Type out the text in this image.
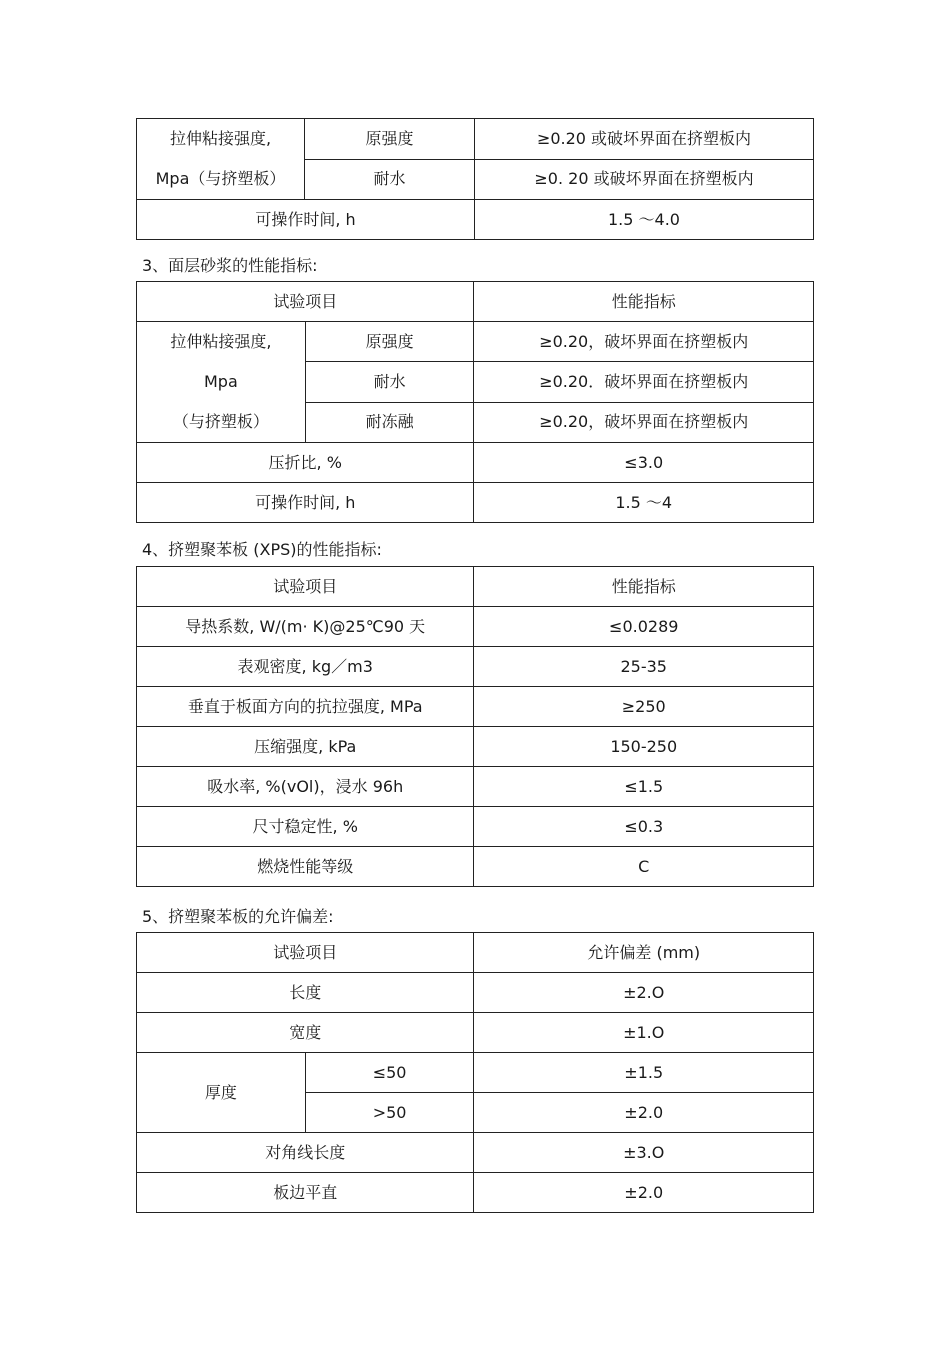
拉伸粘接强度,
Mpa（与挤塑板）	原强度	≥0.20 或破坏界面在挤塑板内
	耐水	≥0. 20 或破坏界面在挤塑板内
可操作时间, h		1.5 ～4.0
3、面层砂浆的性能指标:
试验项目		性能指标

拉伸粘接强度,
Mpa
（与挤塑板）	原强度	≥0.20，破坏界面在挤塑板内
	耐水	≥0.20．破坏界面在挤塑板内
	耐冻融	≥0.20，破坏界面在挤塑板内
压折比, %		≤3.0
可操作时间, h		1.5 ～4
4、挤塑聚苯板 (XPS)的性能指标:
试验项目	性能指标
导热系数, W/(m· K)@25℃90 天	≤0.0289
表观密度, kg／m3	25-35
垂直于板面方向的抗拉强度, MPa	≥250
压缩强度, kPa	150-250
吸水率, %(vOl)，浸水 96h	≤1.5
尺寸稳定性, %	≤0.3
燃烧性能等级	C
5、挤塑聚苯板的允许偏差:
试验项目		允许偏差 (mm)
长度		±2.O
宽度		±1.O
厚度	≤50	±1.5
	>50	±2.0
对角线长度		±3.O
板边平直		±2.0
